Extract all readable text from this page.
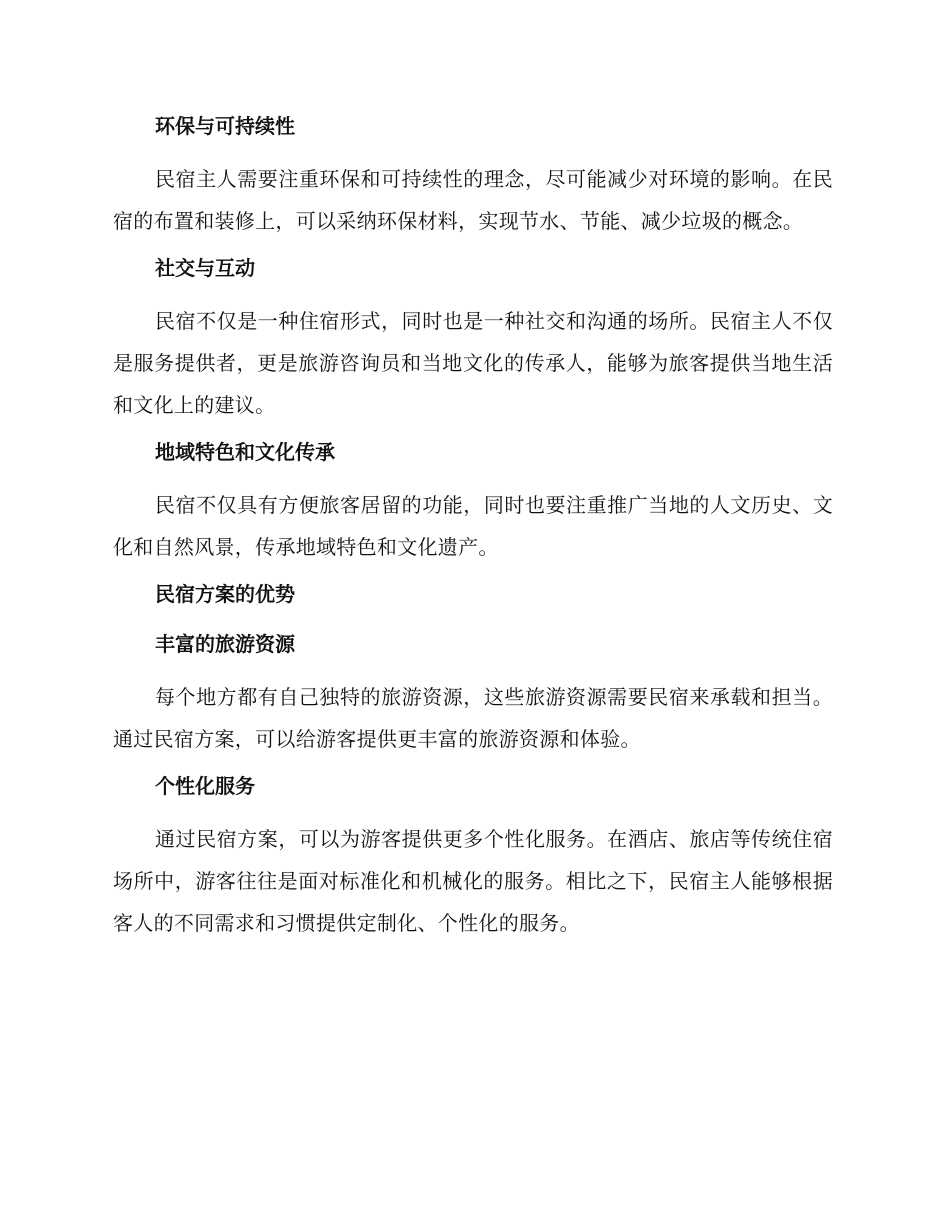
环保与可持续性

民宿主人需要注重环保和可持续性的理念，尽可能减少对环境的影响。在民宿的布置和装修上，可以采纳环保材料，实现节水、节能、减少垃圾的概念。

社交与互动

民宿不仅是一种住宿形式，同时也是一种社交和沟通的场所。民宿主人不仅是服务提供者，更是旅游咨询员和当地文化的传承人，能够为旅客提供当地生活和文化上的建议。

地域特色和文化传承

民宿不仅具有方便旅客居留的功能，同时也要注重推广当地的人文历史、文化和自然风景，传承地域特色和文化遗产。

民宿方案的优势
丰富的旅游资源

每个地方都有自己独特的旅游资源，这些旅游资源需要民宿来承载和担当。通过民宿方案，可以给游客提供更丰富的旅游资源和体验。

个性化服务

通过民宿方案，可以为游客提供更多个性化服务。在酒店、旅店等传统住宿场所中，游客往往是面对标准化和机械化的服务。相比之下，民宿主人能够根据客人的不同需求和习惯提供定制化、个性化的服务。
